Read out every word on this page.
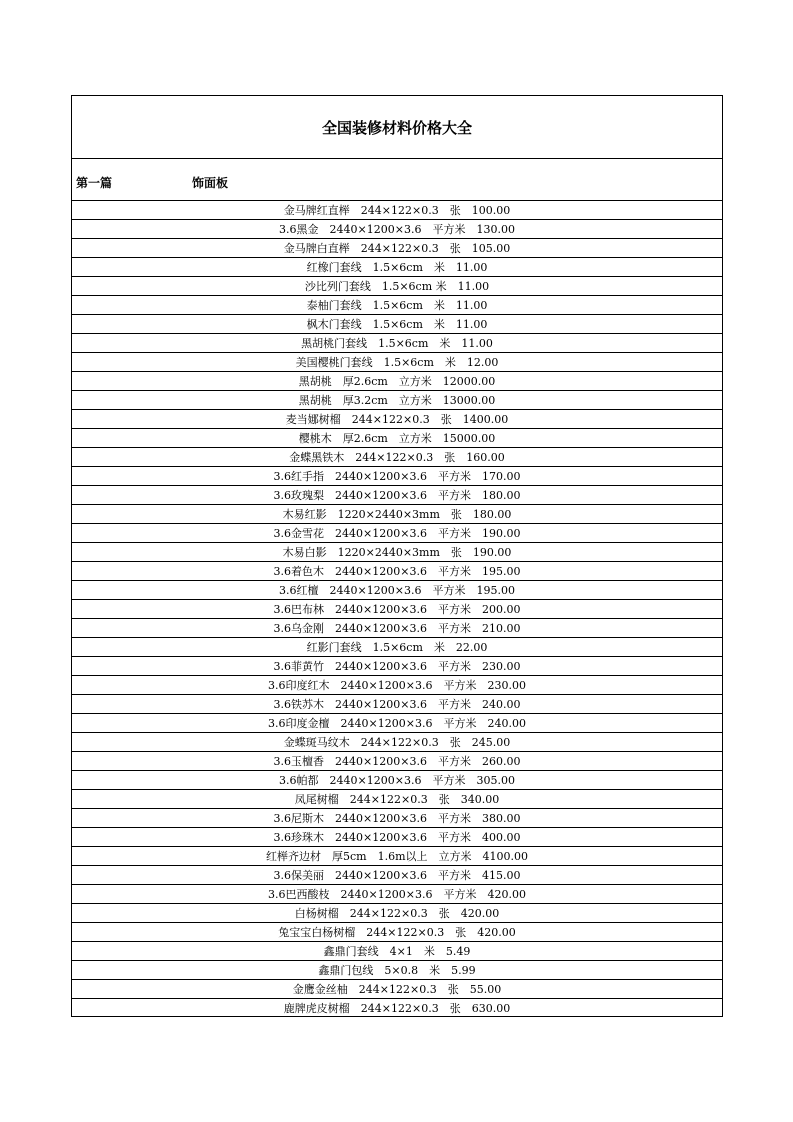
全国装修材料价格大全
第一篇	饰面板
金马牌红直榉　244×122×0.3　张　100.00
3.6黑金　2440×1200×3.6　平方米　130.00
金马牌白直榉　244×122×0.3　张　105.00
红橡门套线　1.5×6cm　米　11.00
沙比列门套线　1.5×6cm 米　11.00
泰柚门套线　1.5×6cm　米　11.00
枫木门套线　1.5×6cm　米　11.00
黑胡桃门套线　1.5×6cm　米　11.00
美国樱桃门套线　1.5×6cm　米　12.00
黑胡桃　厚2.6cm　立方米　12000.00
黑胡桃　厚3.2cm　立方米　13000.00
麦当娜树榴　244×122×0.3　张　1400.00
樱桃木　厚2.6cm　立方米　15000.00
金蝶黑铁木　244×122×0.3　张　160.00
3.6红手指　2440×1200×3.6　平方米　170.00
3.6玫瑰梨　2440×1200×3.6　平方米　180.00
木易红影　1220×2440×3mm　张　180.00
3.6金雪花　2440×1200×3.6　平方米　190.00
木易白影　1220×2440×3mm　张　190.00
3.6着色木　2440×1200×3.6　平方米　195.00
3.6红檀　2440×1200×3.6　平方米　195.00
3.6巴布林　2440×1200×3.6　平方米　200.00
3.6乌金刚　2440×1200×3.6　平方米　210.00
红影门套线　1.5×6cm　米　22.00
3.6菲黄竹　2440×1200×3.6　平方米　230.00
3.6印度红木　2440×1200×3.6　平方米　230.00
3.6铁苏木　2440×1200×3.6　平方米　240.00
3.6印度金檀　2440×1200×3.6　平方米　240.00
金蝶斑马纹木　244×122×0.3　张　245.00
3.6玉檀香　2440×1200×3.6　平方米　260.00
3.6帕都　2440×1200×3.6　平方米　305.00
凤尾树榴　244×122×0.3　张　340.00
3.6尼斯木　2440×1200×3.6　平方米　380.00
3.6珍珠木　2440×1200×3.6　平方米　400.00
红榉齐边材　厚5cm　1.6m以上　立方米　4100.00
3.6保美丽　2440×1200×3.6　平方米　415.00
3.6巴西酸枝　2440×1200×3.6　平方米　420.00
白杨树榴　244×122×0.3　张　420.00
兔宝宝白杨树榴　244×122×0.3　张　420.00
鑫鼎门套线　4×1　米　5.49
鑫鼎门包线　5×0.8　米　5.99
金鹰金丝柚　244×122×0.3　张　55.00
鹿牌虎皮树榴　244×122×0.3　张　630.00
